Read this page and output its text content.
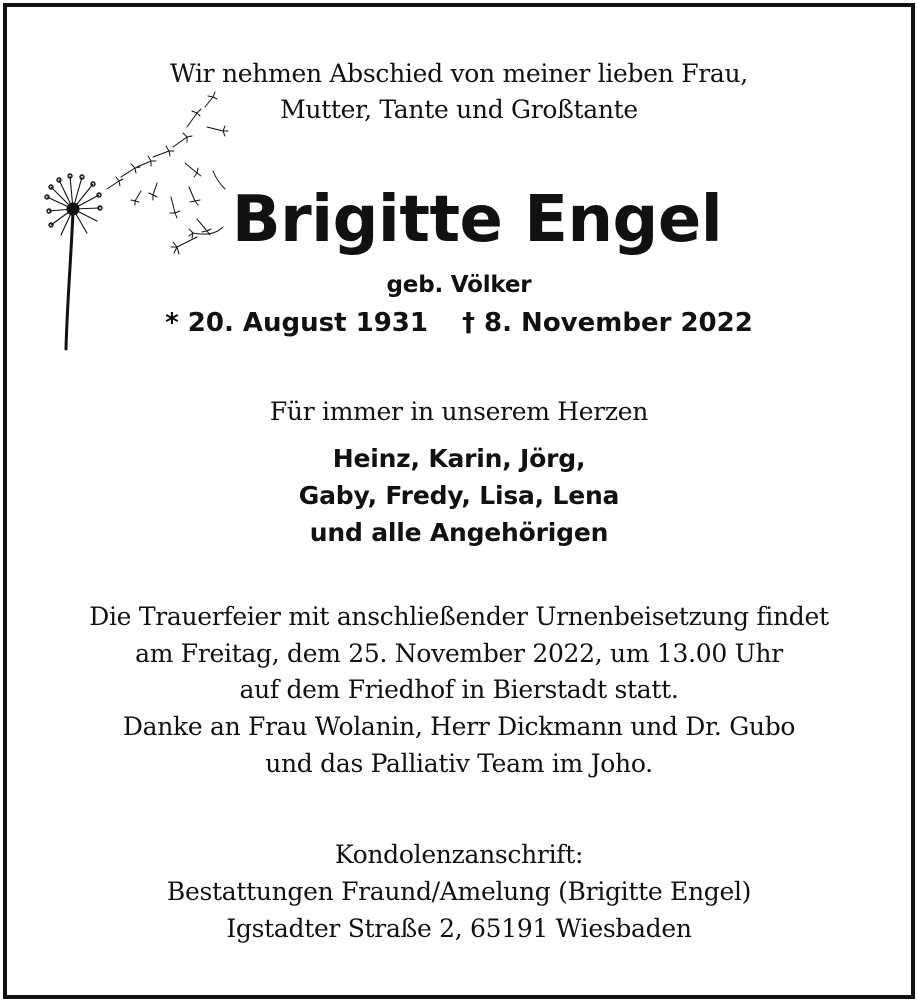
Wir nehmen Abschied von meiner lieben Frau,
Mutter, Tante und Großtante
Brigitte Engel
geb. Völker
* 20. August 1931 † 8. November 2022
Für immer in unserem Herzen
Heinz, Karin, Jörg,
Gaby, Fredy, Lisa, Lena
und alle Angehörigen
Die Trauerfeier mit anschließender Urnenbeisetzung findet
am Freitag, dem 25. November 2022, um 13.00 Uhr
auf dem Friedhof in Bierstadt statt.
Danke an Frau Wolanin, Herr Dickmann und Dr. Gubo
und das Palliativ Team im Joho.
Kondolenzanschrift:
Bestattungen Fraund/Amelung (Brigitte Engel)
Igstadter Straße 2, 65191 Wiesbaden
